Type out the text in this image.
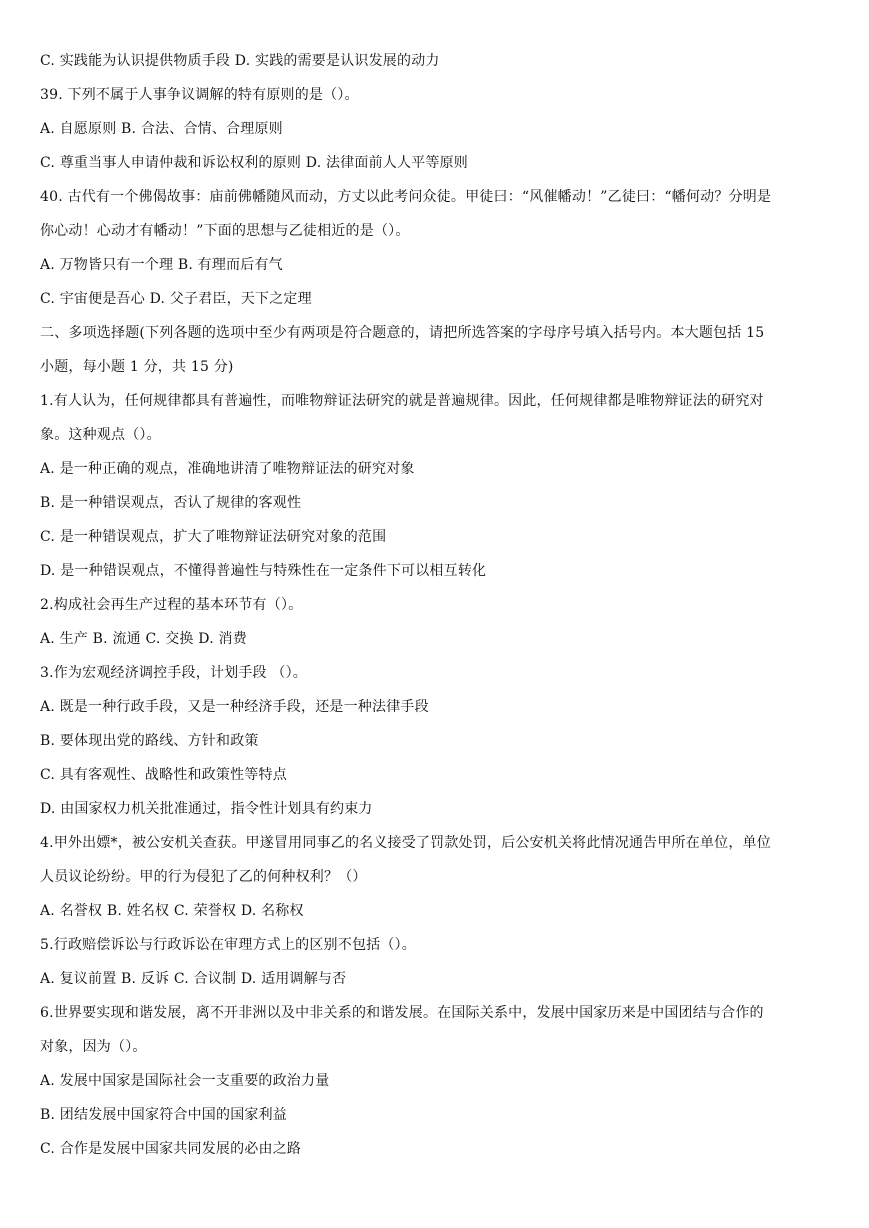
C. 实践能为认识提供物质手段 D. 实践的需要是认识发展的动力
39. 下列不属于人事争议调解的特有原则的是（）。
A. 自愿原则 B. 合法、合情、合理原则
C. 尊重当事人申请仲裁和诉讼权利的原则 D. 法律面前人人平等原则
40. 古代有一个佛偈故事：庙前佛幡随风而动，方丈以此考问众徒。甲徒曰：“风催幡动！”乙徒曰：“幡何动？分明是
你心动！心动才有幡动！”下面的思想与乙徒相近的是（）。
A. 万物皆只有一个理 B. 有理而后有气
C. 宇宙便是吾心 D. 父子君臣，天下之定理
二、多项选择题(下列各题的选项中至少有两项是符合题意的，请把所选答案的字母序号填入括号内。本大题包括 15
小题，每小题 1 分，共 15 分)
1.有人认为，任何规律都具有普遍性，而唯物辩证法研究的就是普遍规律。因此，任何规律都是唯物辩证法的研究对
象。这种观点（）。
A. 是一种正确的观点，准确地讲清了唯物辩证法的研究对象
B. 是一种错误观点，否认了规律的客观性
C. 是一种错误观点，扩大了唯物辩证法研究对象的范围
D. 是一种错误观点，不懂得普遍性与特殊性在一定条件下可以相互转化
2.构成社会再生产过程的基本环节有（）。
A. 生产 B. 流通 C. 交换 D. 消费
3.作为宏观经济调控手段，计划手段 （）。
A. 既是一种行政手段，又是一种经济手段，还是一种法律手段
B. 要体现出党的路线、方针和政策
C. 具有客观性、战略性和政策性等特点
D. 由国家权力机关批准通过，指令性计划具有约束力
4.甲外出嫖*，被公安机关查获。甲遂冒用同事乙的名义接受了罚款处罚，后公安机关将此情况通告甲所在单位，单位
人员议论纷纷。甲的行为侵犯了乙的何种权利？（）
A. 名誉权 B. 姓名权 C. 荣誉权 D. 名称权
5.行政赔偿诉讼与行政诉讼在审理方式上的区别不包括（）。
A. 复议前置 B. 反诉 C. 合议制 D. 适用调解与否
6.世界要实现和谐发展，离不开非洲以及中非关系的和谐发展。在国际关系中，发展中国家历来是中国团结与合作的
对象，因为（）。
A. 发展中国家是国际社会一支重要的政治力量
B. 团结发展中国家符合中国的国家利益
C. 合作是发展中国家共同发展的必由之路
